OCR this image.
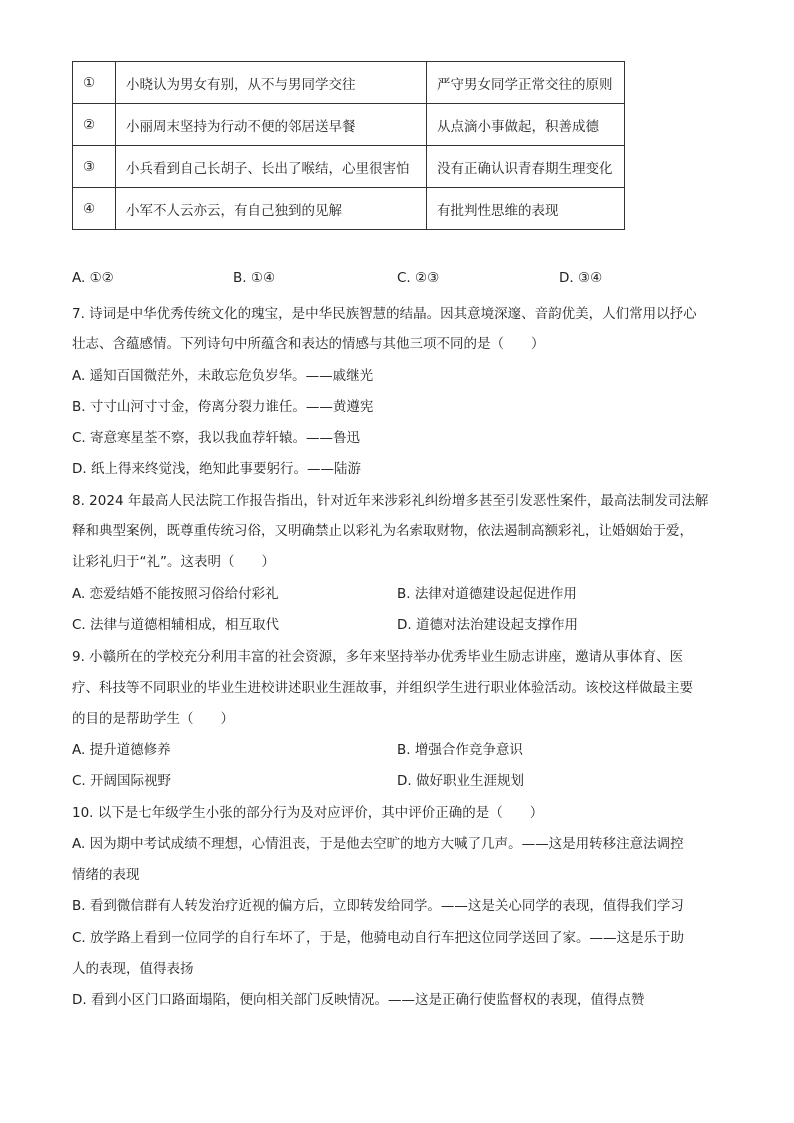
①	小晓认为男女有别，从不与男同学交往	严守男女同学正常交往的原则
②	小丽周末坚持为行动不便的邻居送早餐	从点滴小事做起，积善成德
③	小兵看到自己长胡子、长出了喉结，心里很害怕	没有正确认识青春期生理变化
④	小军不人云亦云，有自己独到的见解	有批判性思维的表现
A. ①②	B. ①④	C. ②③	D. ③④
7. 诗词是中华优秀传统文化的瑰宝，是中华民族智慧的结晶。因其意境深邃、音韵优美，人们常用以抒心
壮志、含蕴感情。下列诗句中所蕴含和表达的情感与其他三项不同的是（　　）
A. 遥知百国微茫外，未敢忘危负岁华。——戚继光
B. 寸寸山河寸寸金，侉离分裂力谁任。——黄遵宪
C. 寄意寒星荃不察，我以我血荐轩辕。——鲁迅
D. 纸上得来终觉浅，绝知此事要躬行。——陆游
8. 2024 年最高人民法院工作报告指出，针对近年来涉彩礼纠纷增多甚至引发恶性案件，最高法制发司法解
释和典型案例，既尊重传统习俗，又明确禁止以彩礼为名索取财物，依法遏制高额彩礼，让婚姻始于爱，
让彩礼归于“礼”。这表明（　　）
A. 恋爱结婚不能按照习俗给付彩礼	B. 法律对道德建设起促进作用
C. 法律与道德相辅相成，相互取代	D. 道德对法治建设起支撑作用
9. 小赣所在的学校充分利用丰富的社会资源，多年来坚持举办优秀毕业生励志讲座，邀请从事体育、医
疗、科技等不同职业的毕业生进校讲述职业生涯故事，并组织学生进行职业体验活动。该校这样做最主要
的目的是帮助学生（　　）
A. 提升道德修养	B. 增强合作竞争意识
C. 开阔国际视野	D. 做好职业生涯规划
10. 以下是七年级学生小张的部分行为及对应评价，其中评价正确的是（　　）
A. 因为期中考试成绩不理想，心情沮丧，于是他去空旷的地方大喊了几声。——这是用转移注意法调控
情绪的表现
B. 看到微信群有人转发治疗近视的偏方后，立即转发给同学。——这是关心同学的表现，值得我们学习
C. 放学路上看到一位同学的自行车坏了，于是，他骑电动自行车把这位同学送回了家。——这是乐于助
人的表现，值得表扬
D. 看到小区门口路面塌陷，便向相关部门反映情况。——这是正确行使监督权的表现，值得点赞
